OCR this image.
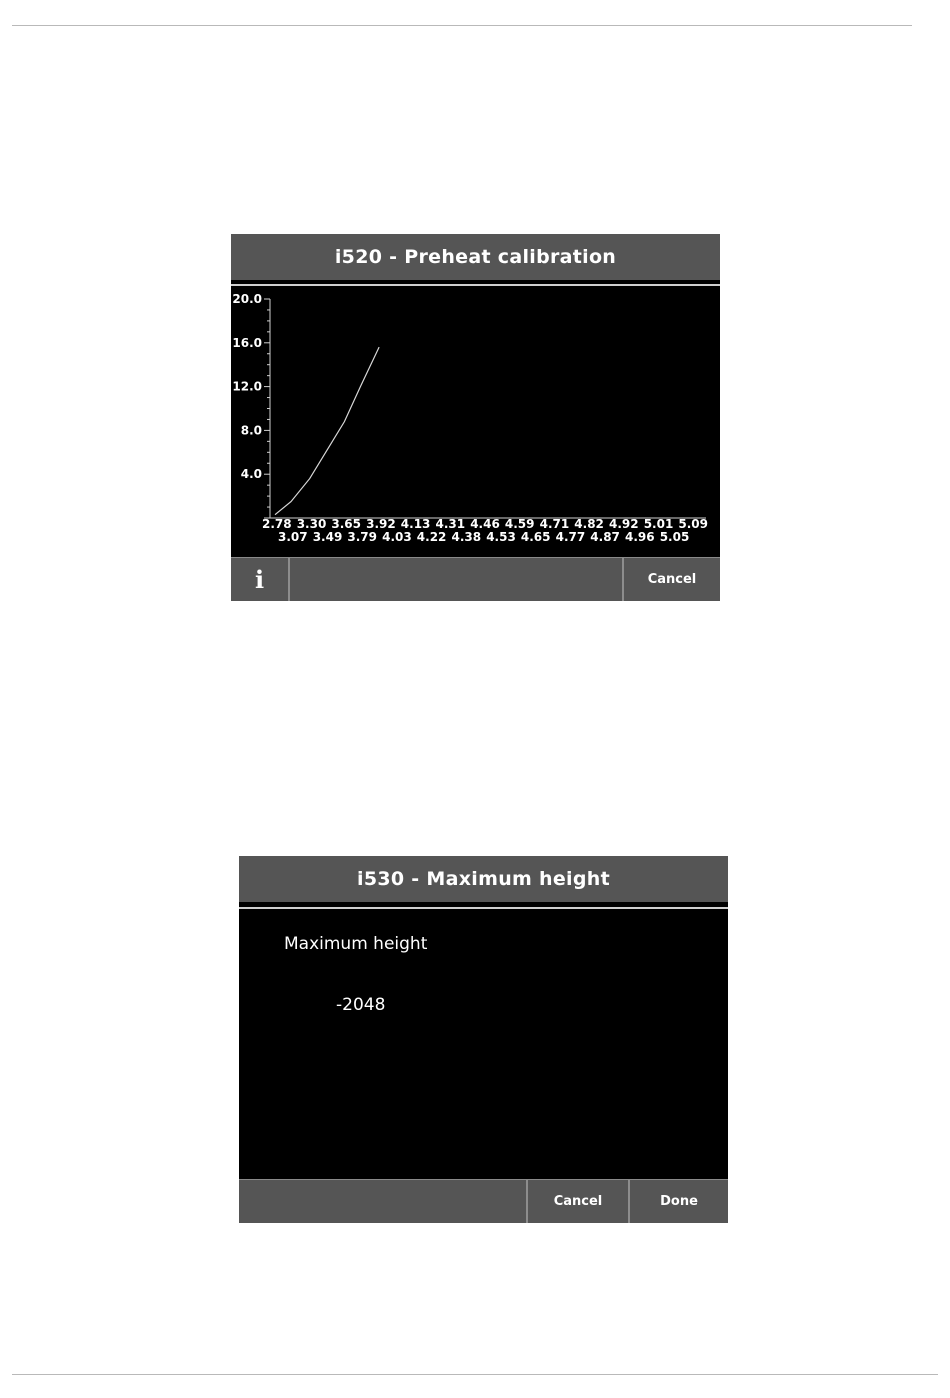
i520 - Preheat calibration
20.0
16.0
12.0
8.0
4.0
2.78 3.30 3.65 3.92 4.13 4.31 4.46 4.59 4.71 4.82 4.92 5.01 5.09
3.07 3.49 3.79 4.03 4.22 4.38 4.53 4.65 4.77 4.87 4.96 5.05
i	Cancel
i530 - Maximum height
Maximum height
-2048
Cancel	Done
